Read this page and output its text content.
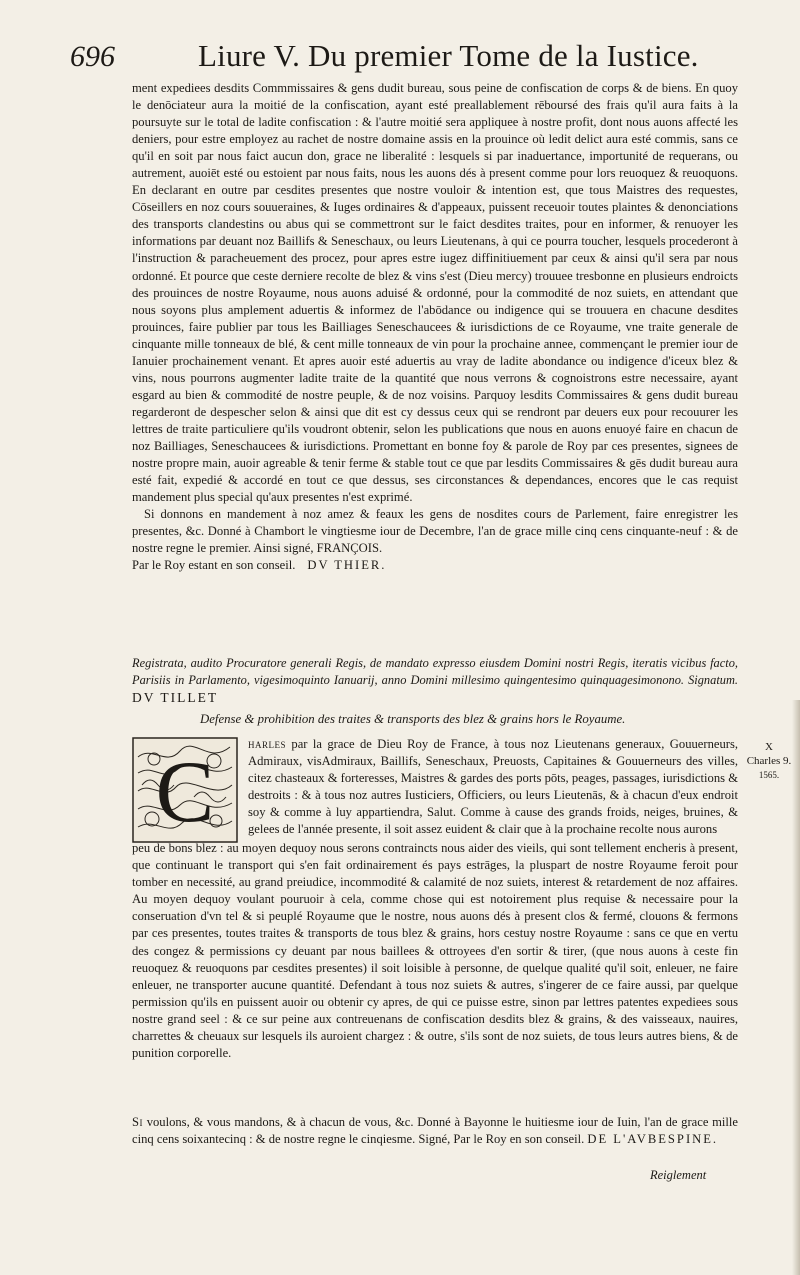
696	Liure V. Du premier Tome de la Iustice.

ment expediees desdits Commmissaires & gens dudit bureau, sous peine de confiscation de corps & de biens. En quoy le denōciateur aura la moitié de la confiscation, ayant esté preallablement rēboursé des frais qu'il aura faits à la poursuyte sur le total de ladite confiscation : & l'autre moitié sera appliquee à nostre profit, dont nous auons affecté les deniers, pour estre employez au rachet de nostre domaine assis en la prouince où ledit delict aura esté commis, sans ce qu'il en soit par nous faict aucun don, grace ne liberalité : lesquels si par inaduertance, importunité de requerans, ou autrement, auoiēt esté ou estoient par nous faits, nous les auons dés à present comme pour lors reuoquez & reuoquons. En declarant en outre par cesdites presentes que nostre vouloir & intention est, que tous Maistres des requestes, Cōseillers en noz cours souueraines, & Iuges ordinaires & d'appeaux, puissent receuoir toutes plaintes & denonciations des transports clandestins ou abus qui se commettront sur le faict desdites traites, pour en informer, & renuoyer les informations par deuant noz Baillifs & Seneschaux, ou leurs Lieutenans, à qui ce pourra toucher, lesquels procederont à l'instruction & paracheuement des procez, pour apres estre iugez diffinitiuement par ceux & ainsi qu'il sera par nous ordonné. Et pource que ceste derniere recolte de blez & vins s'est (Dieu mercy) trouuee tresbonne en plusieurs endroicts des prouinces de nostre Royaume, nous auons aduisé & ordonné, pour la commodité de noz suiets, en attendant que nous soyons plus amplement aduertis & informez de l'abōdance ou indigence qui se trouuera en chacune desdites prouinces, faire publier par tous les Bailliages Seneschaucees & iurisdictions de ce Royaume, vne traite generale de cinquante mille tonneaux de blé, & cent mille tonneaux de vin pour la prochaine annee, commençant le premier iour de Ianuier prochainement venant. Et apres auoir esté aduertis au vray de ladite abondance ou indigence d'iceux blez & vins, nous pourrons augmenter ladite traite de la quantité que nous verrons & cognoistrons estre necessaire, ayant esgard au bien & commodité de nostre peuple, & de noz voisins. Parquoy lesdits Commissaires & gens dudit bureau regarderont de despescher selon & ainsi que dit est cy dessus ceux qui se rendront par deuers eux pour recouurer les lettres de traite particuliere qu'ils voudront obtenir, selon les publications que nous en auons enuoyé faire en chacun de noz Bailliages, Seneschaucees & iurisdictions. Promettant en bonne foy & parole de Roy par ces presentes, signees de nostre propre main, auoir agreable & tenir ferme & stable tout ce que par lesdits Commissaires & gēs dudit bureau aura esté fait, expedié & accordé en tout ce que dessus, ses circonstances & dependances, encores que le cas requist mandement plus special qu'aux presentes n'est exprimé.

Si donnons en mandement à noz amez & feaux les gens de nosdites cours de Parlement, faire enregistrer les presentes, &c. Donné à Chambort le vingtiesme iour de Decembre, l'an de grace mille cinq cens cinquante-neuf : & de nostre regne le premier. Ainsi signé, FRANÇOIS.

Par le Roy estant en son conseil. DV THIER.

Registrata, audito Procuratore generali Regis, de mandato expresso eiusdem Domini nostri Regis, iteratis vicibus facto, Parisiis in Parlamento, vigesimoquinto Ianuarij, anno Domini millesimo quingentesimo quinquagesimonono. Signatum. DV TILLET
Defense & prohibition des traites & transports des blez & grains hors le Royaume.
C	harles par la grace de Dieu Roy de France, à tous noz Lieutenans generaux, Gouuerneurs, Admiraux, visAdmiraux, Baillifs, Seneschaux, Preuosts, Capitaines & Gouuerneurs des villes, citez chasteaux & forteresses, Maistres & gardes des ports pōts, peages, passages, iurisdictions & destroits : & à tous noz autres Iusticiers, Officiers, ou leurs Lieutenās, & à chacun d'eux endroit soy & comme à luy appartiendra, Salut. Comme à cause des grands froids, neiges, bruines, & gelees de l'année presente, il soit assez euident & clair que à la prochaine recolte nous aurons
peu de bons blez : au moyen dequoy nous serons contraincts nous aider des vieils, qui sont tellement encheris à present, que continuant le transport qui s'en fait ordinairement és pays estrāges, la pluspart de nostre Royaume feroit pour tomber en necessité, au grand preiudice, incommodité & calamité de noz suiets, interest & retardement de noz affaires. Au moyen dequoy voulant pouruoir à cela, comme chose qui est notoirement plus requise & necessaire pour la conseruation d'vn tel & si peuplé Royaume que le nostre, nous auons dés à present clos & fermé, clouons & fermons par ces presentes, toutes traites & transports de tous blez & grains, hors cestuy nostre Royaume : sans ce que en vertu des congez & permissions cy deuant par nous baillees & ottroyees d'en sortir & tirer, (que nous auons à ceste fin reuoquez & reuoquons par cesdites presentes) il soit loisible à personne, de quelque qualité qu'il soit, enleuer, ne faire enleuer, ne transporter aucune quantité. Defendant à tous noz suiets & autres, s'ingerer de ce faire aussi, par quelque permission qu'ils en puissent auoir ou obtenir cy apres, de qui ce puisse estre, sinon par lettres patentes expediees sous nostre grand seel : & ce sur peine aux contreuenans de confiscation desdits blez & grains, & des vaisseaux, nauires, charrettes & cheuaux sur lesquels ils auroient chargez : & outre, s'ils sont de noz suiets, de tous leurs autres biens, & de punition corporelle.
Si voulons, & vous mandons, & à chacun de vous, &c. Donné à Bayonne le huitiesme iour de Iuin, l'an de grace mille cinq cens soixantecinq : & de nostre regne le cinqiesme. Signé, Par le Roy en son conseil. DE L'AVBESPINE.
Reiglement
X
Charles 9.
1565.
